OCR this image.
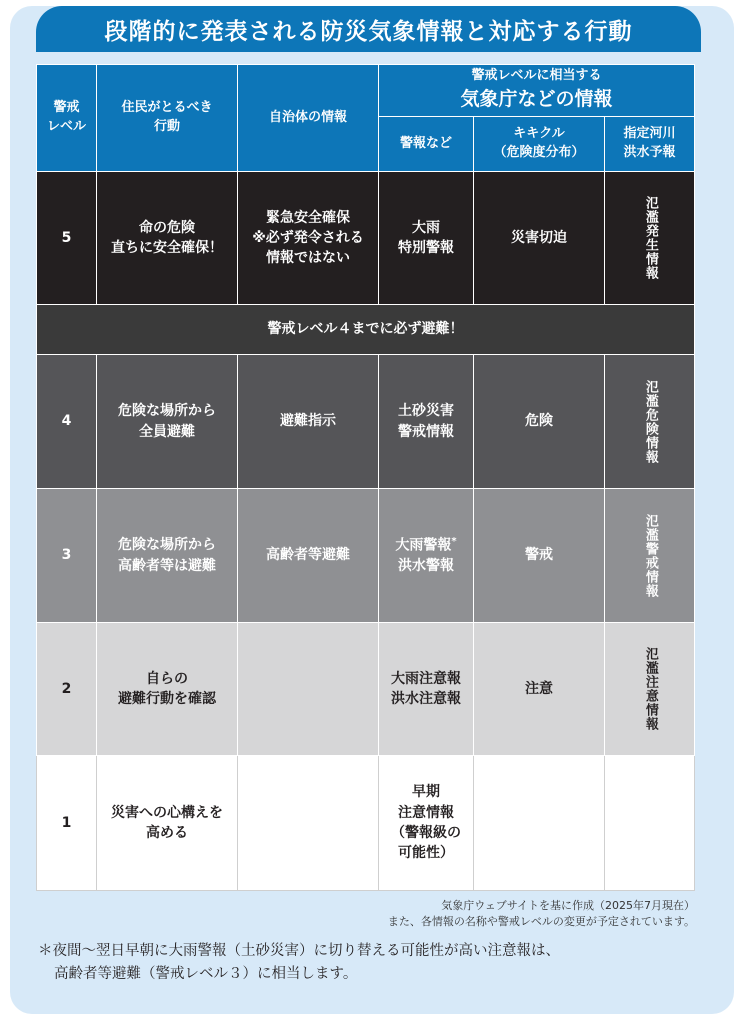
段階的に発表される防災気象情報と対応する行動
警戒
レベル	住民がとるべき
行動	自治体の情報	警戒レベルに相当する
気象庁などの情報		
			警報など	キキクル
（危険度分布）	指定河川
洪水予報
5	命の危険
直ちに安全確保！	緊急安全確保
※必ず発令される
情報ではない	大雨
特別警報	災害切迫	氾濫発生情報

警戒レベル４までに必ず避難！					
4	危険な場所から
全員避難	避難指示	土砂災害
警戒情報	危険	氾濫危険情報

3	危険な場所から
高齢者等は避難	高齢者等避難	大雨警報*
洪水警報	警戒	氾濫警戒情報

2	自らの
避難行動を確認		大雨注意報
洪水注意報	注意	氾濫注意情報

1	災害への心構えを
高める		早期
注意情報
（警報級の
可能性）		
気象庁ウェブサイトを基に作成（2025年7月現在）
また、各情報の名称や警戒レベルの変更が予定されています。
＊夜間～翌日早朝に大雨警報（土砂災害）に切り替える可能性が高い注意報は、
高齢者等避難（警戒レベル３）に相当します。
